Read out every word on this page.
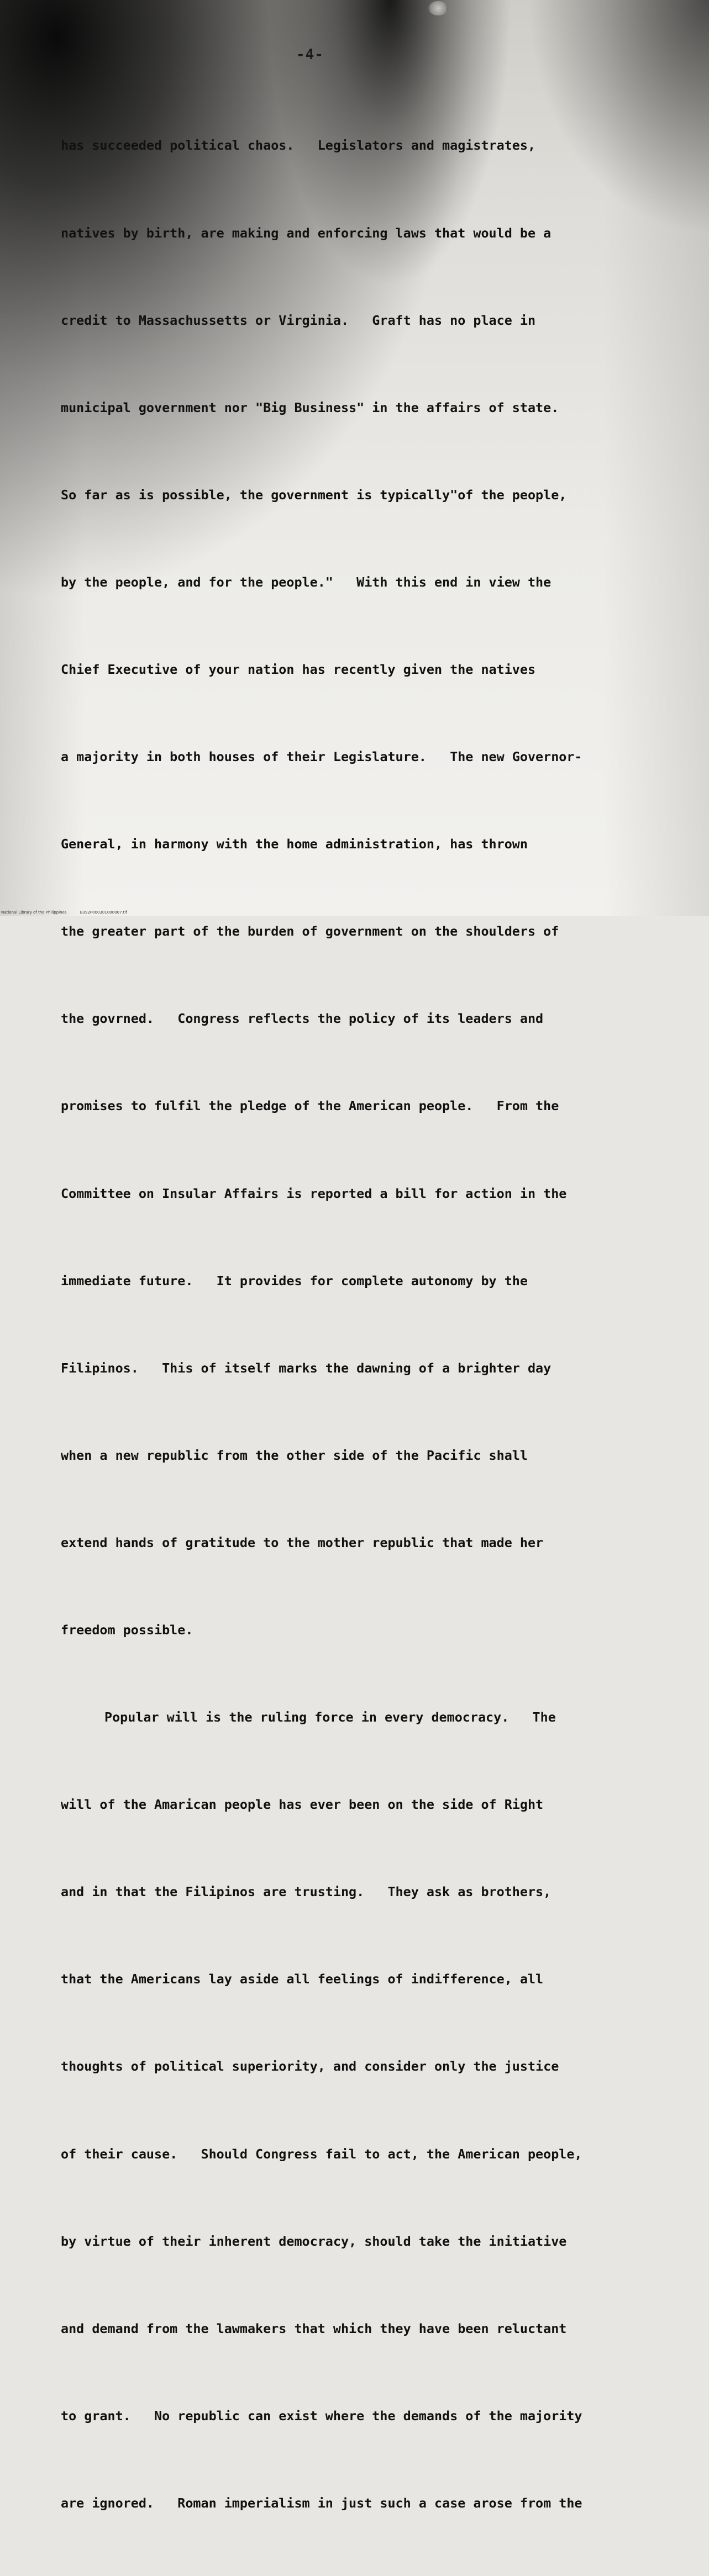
-4-

has succeeded political chaos.   Legislators and magistrates,

natives by birth, are making and enforcing laws that would be a

credit to Massachussetts or Virginia.   Graft has no place in

municipal government nor "Big Business" in the affairs of state.

So far as is possible, the government is typically"of the people,

by the people, and for the people."   With this end in view the

Chief Executive of your nation has recently given the natives

a majority in both houses of their Legislature.   The new Governor-

General, in harmony with the home administration, has thrown

the greater part of the burden of government on the shoulders of

the govrned.   Congress reflects the policy of its leaders and

promises to fulfil the pledge of the American people.   From the

Committee on Insular Affairs is reported a bill for action in the

immediate future.   It provides for complete autonomy by the

Filipinos.   This of itself marks the dawning of a brighter day

when a new republic from the other side of the Pacific shall

extend hands of gratitude to the mother republic that made her

freedom possible.

Popular will is the ruling force in every democracy.   The

will of the Amarican people has ever been on the side of Right

and in that the Filipinos are trusting.   They ask as brothers,

that the Americans lay aside all feelings of indifference, all

thoughts of political superiority, and consider only the justice

of their cause.   Should Congress fail to act, the American people,

by virtue of their inherent democracy, should take the initiative

and demand from the lawmakers that which they have been reluctant

to grant.   No republic can exist where the demands of the majority

are ignored.   Roman imperialism in just such a case arose from the

National Library of the Philippines	B392P000301000007.tif
